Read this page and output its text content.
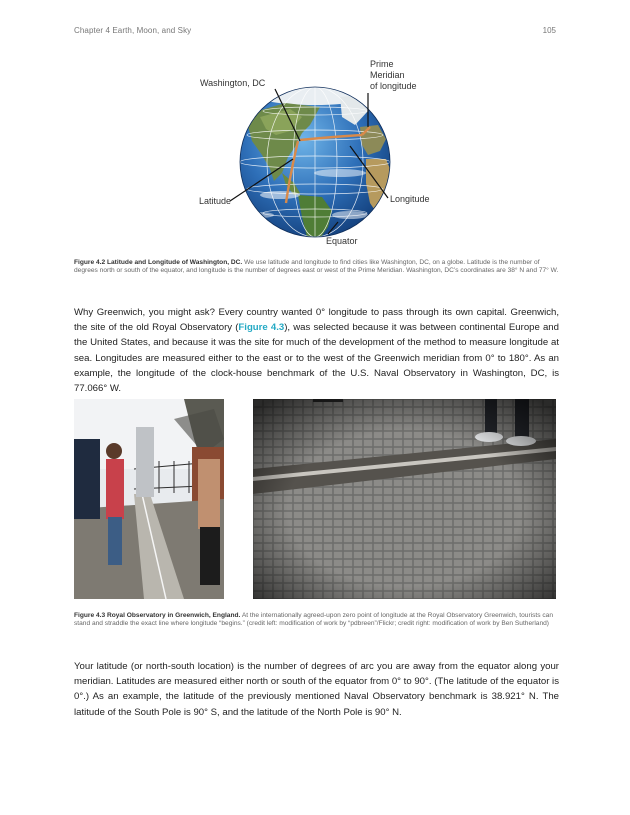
Chapter 4 Earth, Moon, and Sky	105
Washington, DC
Prime
Meridian
of longitude
Latitude	Longitude
Equator
Figure 4.2 Latitude and Longitude of Washington, DC. We use latitude and longitude to find cities like Washington, DC, on a globe. Latitude is the number of degrees north or south of the equator, and longitude is the number of degrees east or west of the Prime Meridian. Washington, DC’s coordinates are 38° N and 77° W.
Why Greenwich, you might ask? Every country wanted 0° longitude to pass through its own capital. Greenwich, the site of the old Royal Observatory (Figure 4.3), was selected because it was between continental Europe and the United States, and because it was the site for much of the development of the method to measure longitude at sea. Longitudes are measured either to the east or to the west of the Greenwich meridian from 0° to 180°. As an example, the longitude of the clock-house benchmark of the U.S. Naval Observatory in Washington, DC, is 77.066° W.
Figure 4.3 Royal Observatory in Greenwich, England. At the internationally agreed-upon zero point of longitude at the Royal Observatory Greenwich, tourists can stand and straddle the exact line where longitude “begins.” (credit left: modification of work by “pdbreen”/Flickr; credit right: modification of work by Ben Sutherland)
Your latitude (or north-south location) is the number of degrees of arc you are away from the equator along your meridian. Latitudes are measured either north or south of the equator from 0° to 90°. (The latitude of the equator is 0°.) As an example, the latitude of the previously mentioned Naval Observatory benchmark is 38.921° N. The latitude of the South Pole is 90° S, and the latitude of the North Pole is 90° N.
